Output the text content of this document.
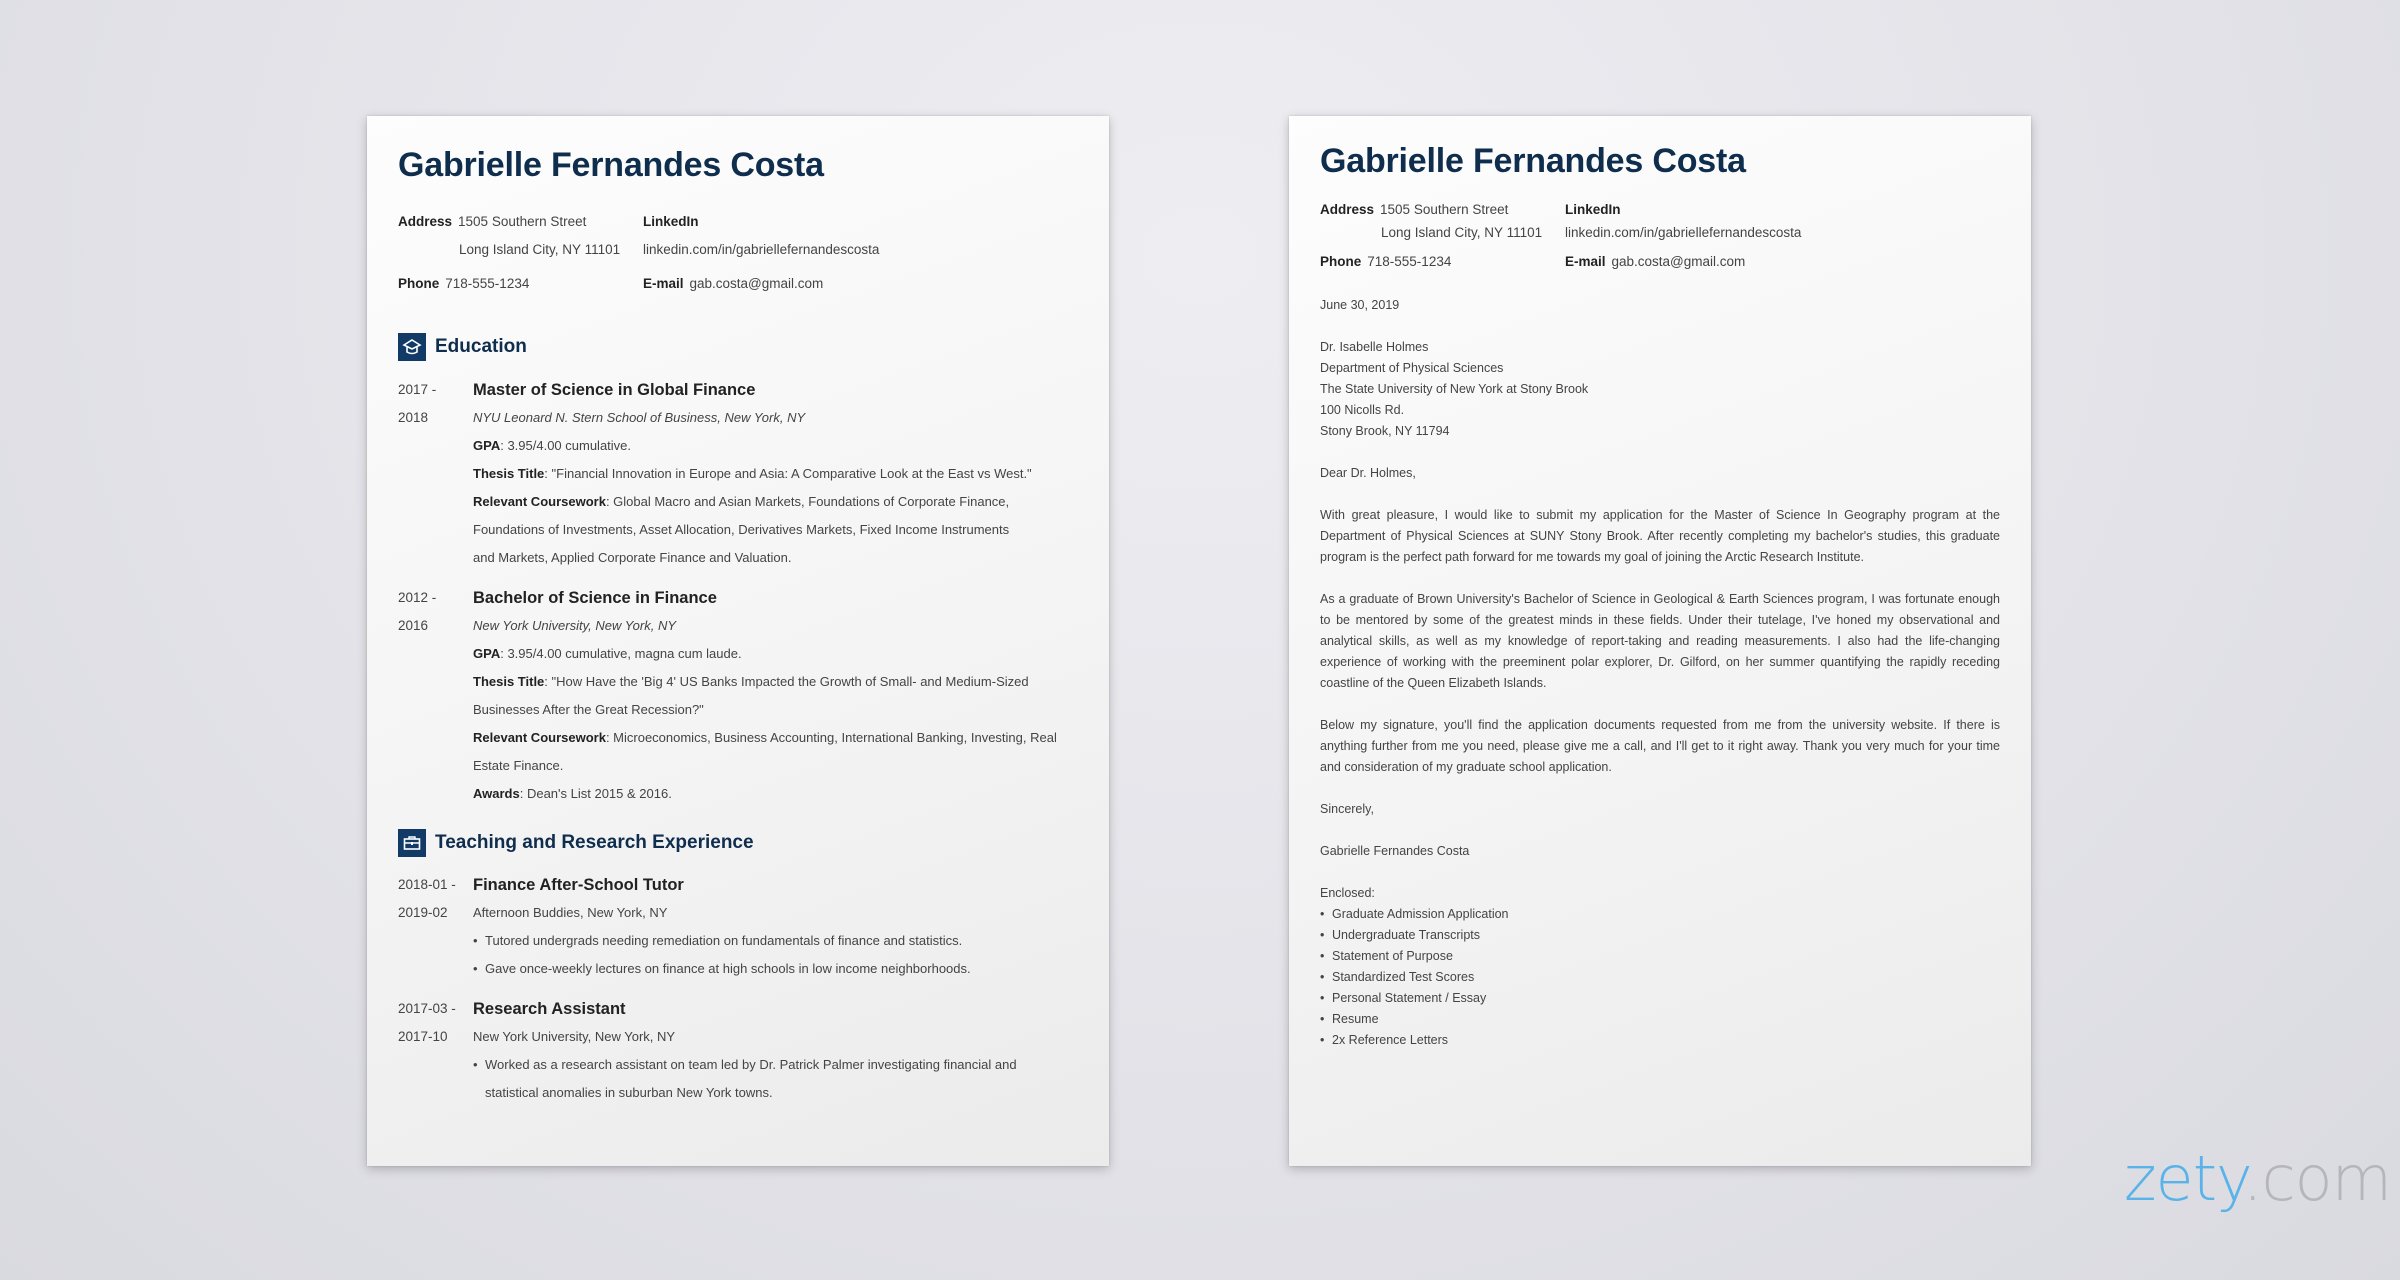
Gabrielle Fernandes Costa
Address 1505 Southern Street
Long Island City, NY 11101
Phone 718-555-1234
LinkedIn
linkedin.com/in/gabriellefernandescosta
E-mail gab.costa@gmail.com
Education
2017 -
2018
Master of Science in Global Finance
NYU Leonard N. Stern School of Business, New York, NY
GPA: 3.95/4.00 cumulative.
Thesis Title: "Financial Innovation in Europe and Asia: A Comparative Look at the East vs West."
Relevant Coursework: Global Macro and Asian Markets, Foundations of Corporate Finance, Foundations of Investments, Asset Allocation, Derivatives Markets, Fixed Income Instruments and Markets, Applied Corporate Finance and Valuation.
2012 -
2016
Bachelor of Science in Finance
New York University, New York, NY
GPA: 3.95/4.00 cumulative, magna cum laude.
Thesis Title: "How Have the 'Big 4' US Banks Impacted the Growth of Small- and Medium-Sized Businesses After the Great Recession?"
Relevant Coursework: Microeconomics, Business Accounting, International Banking, Investing, Real Estate Finance.
Awards: Dean's List 2015 & 2016.
Teaching and Research Experience
2018-01 -
2019-02
Finance After-School Tutor
Afternoon Buddies, New York, NY
• Tutored undergrads needing remediation on fundamentals of finance and statistics.
• Gave once-weekly lectures on finance at high schools in low income neighborhoods.
2017-03 -
2017-10
Research Assistant
New York University, New York, NY
• Worked as a research assistant on team led by Dr. Patrick Palmer investigating financial and statistical anomalies in suburban New York towns.
Gabrielle Fernandes Costa
Address 1505 Southern Street
Long Island City, NY 11101
Phone 718-555-1234
LinkedIn
linkedin.com/in/gabriellefernandescosta
E-mail gab.costa@gmail.com
June 30, 2019
Dr. Isabelle Holmes
Department of Physical Sciences
The State University of New York at Stony Brook
100 Nicolls Rd.
Stony Brook, NY 11794
Dear Dr. Holmes,

With great pleasure, I would like to submit my application for the Master of Science In Geography program at the Department of Physical Sciences at SUNY Stony Brook. After recently completing my bachelor's studies, this graduate program is the perfect path forward for me towards my goal of joining the Arctic Research Institute.

As a graduate of Brown University's Bachelor of Science in Geological & Earth Sciences program, I was fortunate enough to be mentored by some of the greatest minds in these fields. Under their tutelage, I've honed my observational and analytical skills, as well as my knowledge of report-taking and reading measurements. I also had the life-changing experience of working with the preeminent polar explorer, Dr. Gilford, on her summer quantifying the rapidly receding coastline of the Queen Elizabeth Islands.

Below my signature, you'll find the application documents requested from me from the university website. If there is anything further from me you need, please give me a call, and I'll get to it right away. Thank you very much for your time and consideration of my graduate school application.

Sincerely,
Gabrielle Fernandes Costa
Enclosed:
• Graduate Admission Application
• Undergraduate Transcripts
• Statement of Purpose
• Standardized Test Scores
• Personal Statement / Essay
• Resume
• 2x Reference Letters
zety.com
